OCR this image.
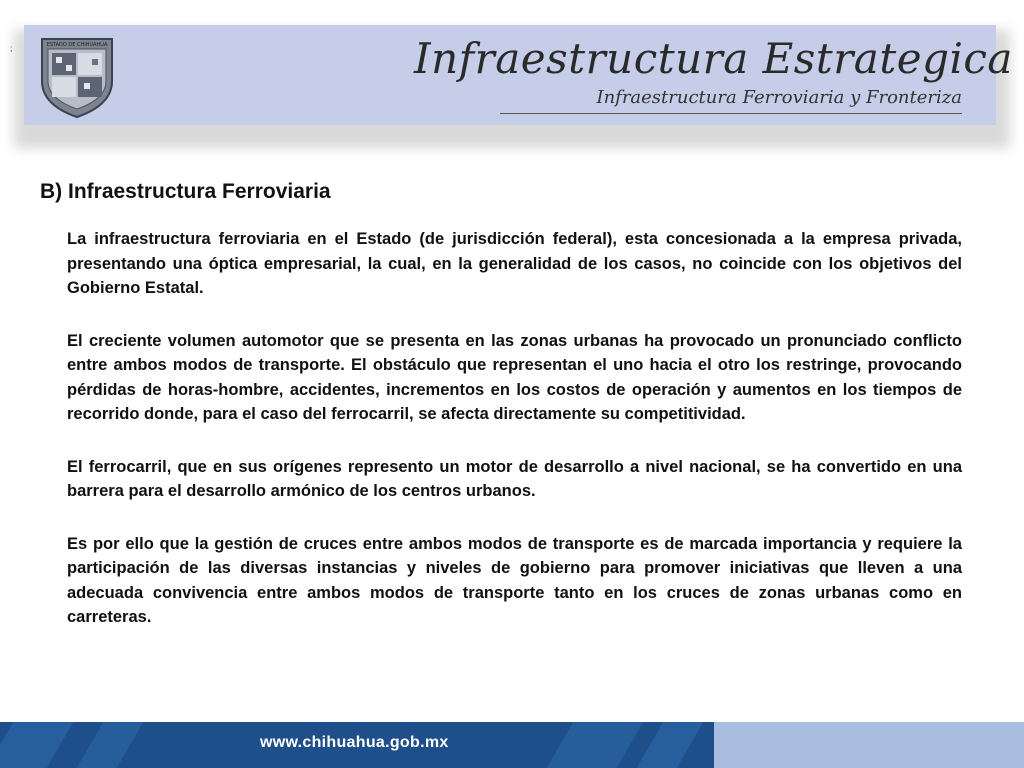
;	ESTADO DE CHIHUAHUA	Infraestructura Estrategica
Infraestructura Ferroviaria y Fronteriza
B) Infraestructura Ferroviaria

La infraestructura ferroviaria en el Estado (de jurisdicción federal), esta concesionada a la empresa privada, presentando una óptica empresarial, la cual, en la generalidad de los casos, no coincide con los objetivos del Gobierno Estatal.

El creciente volumen automotor que se presenta en las zonas urbanas ha provocado un pronunciado conflicto entre ambos modos de transporte. El obstáculo que representan el uno hacia el otro los restringe, provocando pérdidas de horas-hombre, accidentes, incrementos en los costos de operación y aumentos en los tiempos de recorrido donde, para el caso del ferrocarril, se afecta directamente su competitividad.

El ferrocarril, que en sus orígenes represento un motor de desarrollo a nivel nacional, se ha convertido en una barrera para el desarrollo armónico de los centros urbanos.

Es por ello que la gestión de cruces entre ambos modos de transporte es de marcada importancia y requiere la participación de las diversas instancias y niveles de gobierno para promover iniciativas que lleven a una adecuada convivencia entre ambos modos de transporte tanto en los cruces de zonas urbanas como en carreteras.

www.chihuahua.gob.mx
